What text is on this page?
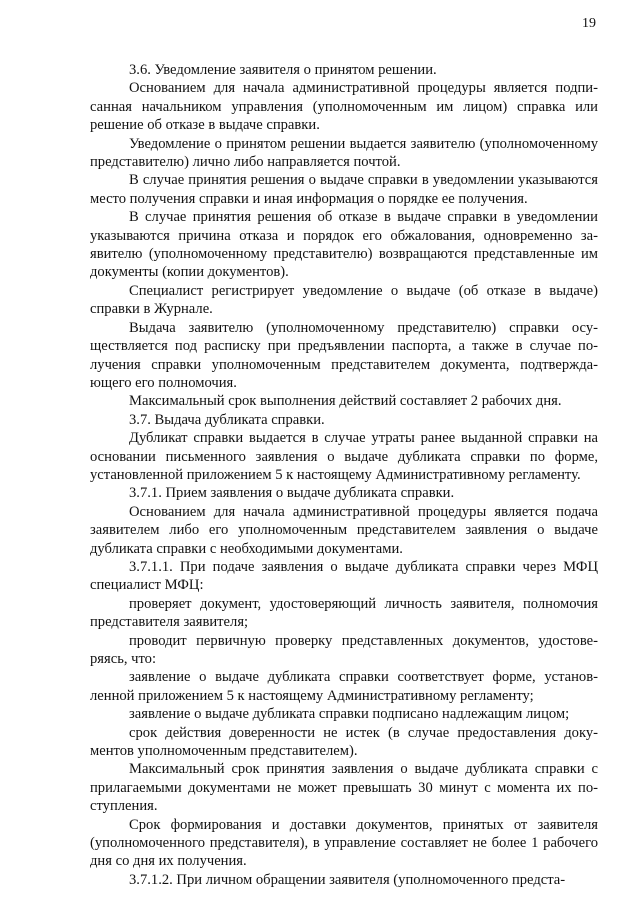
19

3.6. Уведомление заявителя о принятом решении.

Основанием для начала административной процедуры является подписанная начальником управления (уполномоченным им лицом) справка или решение об отказе в выдаче справки.

Уведомление о принятом решении выдается заявителю (уполномоченному представителю) лично либо направляется почтой.

В случае принятия решения о выдаче справки в уведомлении указываются место получения справки и иная информация о порядке ее получения.

В случае принятия решения об отказе в выдаче справки в уведомлении указываются причина отказа и порядок его обжалования, одновременно заявителю (уполномоченному представителю) возвращаются представленные им документы (копии документов).

Специалист регистрирует уведомление о выдаче (об отказе в выдаче) справки в Журнале.

Выдача заявителю (уполномоченному представителю) справки осуществляется под расписку при предъявлении паспорта, а также в случае получения справки уполномоченным представителем документа, подтверждающего его полномочия.

Максимальный срок выполнения действий составляет 2 рабочих дня.

3.7. Выдача дубликата справки.

Дубликат справки выдается в случае утраты ранее выданной справки на основании письменного заявления о выдаче дубликата справки по форме, установленной приложением 5 к настоящему Административному регламенту.

3.7.1. Прием заявления о выдаче дубликата справки.

Основанием для начала административной процедуры является подача заявителем либо его уполномоченным представителем заявления о выдаче дубликата справки с необходимыми документами.

3.7.1.1. При подаче заявления о выдаче дубликата справки через МФЦ специалист МФЦ:

проверяет документ, удостоверяющий личность заявителя, полномочия представителя заявителя;

проводит первичную проверку представленных документов, удостоверяясь, что:

заявление о выдаче дубликата справки соответствует форме, установленной приложением 5 к настоящему Административному регламенту;

заявление о выдаче дубликата справки подписано надлежащим лицом;

срок действия доверенности не истек (в случае предоставления документов уполномоченным представителем).

Максимальный срок принятия заявления о выдаче дубликата справки с прилагаемыми документами не может превышать 30 минут с момента их поступления.

Срок формирования и доставки документов, принятых от заявителя (уполномоченного представителя), в управление составляет не более 1 рабочего дня со дня их получения.

3.7.1.2. При личном обращении заявителя (уполномоченного предста-
